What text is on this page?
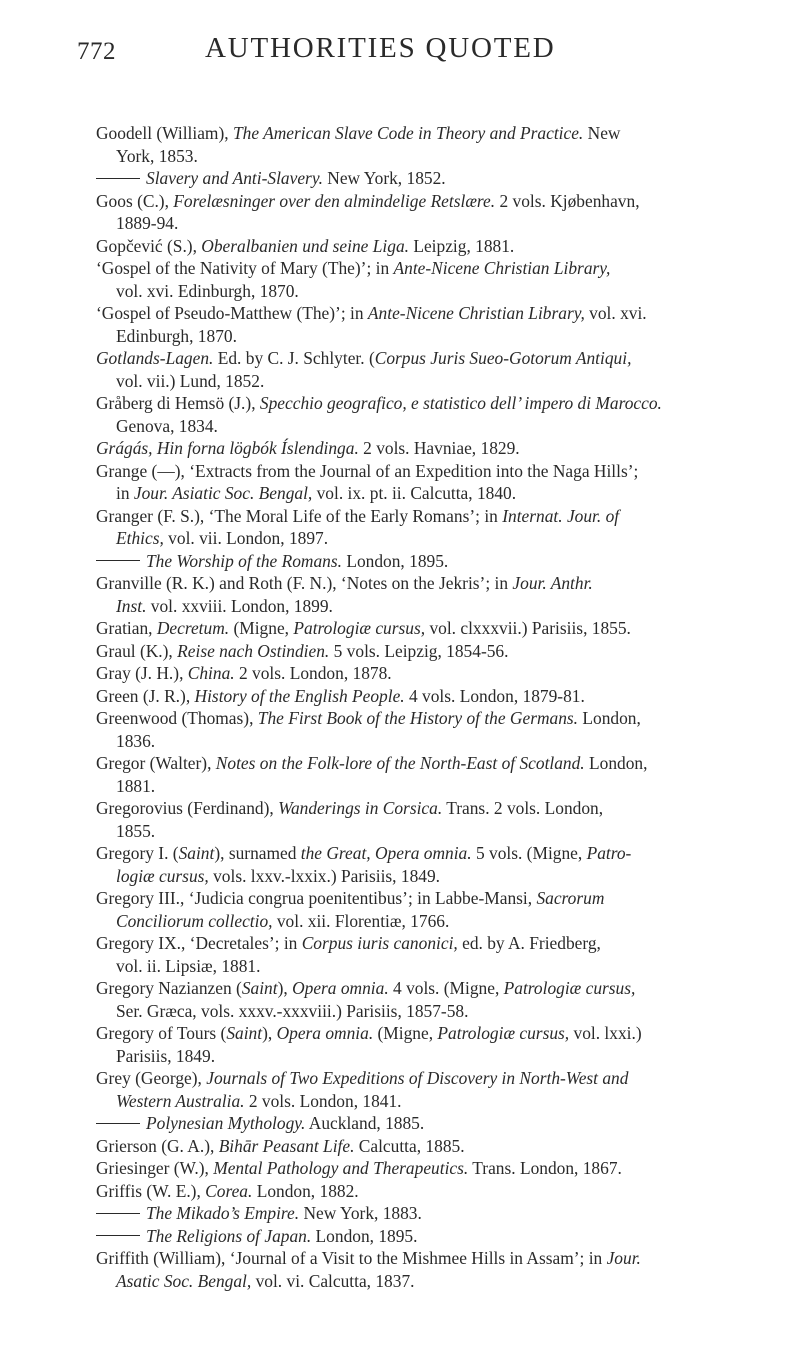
772	AUTHORITIES QUOTED

Goodell (William), The American Slave Code in Theory and Practice. New
York, 1853.

Slavery and Anti-Slavery. New York, 1852.

Goos (C.), Forelæsninger over den almindelige Retslære. 2 vols. Kjøbenhavn,
1889-94.

Gopčević (S.), Oberalbanien und seine Liga. Leipzig, 1881.

‘Gospel of the Nativity of Mary (The)’; in Ante-Nicene Christian Library,
vol. xvi. Edinburgh, 1870.

‘Gospel of Pseudo-Matthew (The)’; in Ante-Nicene Christian Library, vol. xvi.
Edinburgh, 1870.

Gotlands-Lagen. Ed. by C. J. Schlyter. (Corpus Juris Sueo-Gotorum Antiqui,
vol. vii.) Lund, 1852.

Gråberg di Hemsö (J.), Specchio geografico, e statistico dell’ impero di Marocco.
Genova, 1834.

Grágás, Hin forna lögbók Íslendinga. 2 vols. Havniae, 1829.

Grange (—), ‘Extracts from the Journal of an Expedition into the Naga Hills’;
in Jour. Asiatic Soc. Bengal, vol. ix. pt. ii. Calcutta, 1840.

Granger (F. S.), ‘The Moral Life of the Early Romans’; in Internat. Jour. of
Ethics, vol. vii. London, 1897.

The Worship of the Romans. London, 1895.

Granville (R. K.) and Roth (F. N.), ‘Notes on the Jekris’; in Jour. Anthr.
Inst. vol. xxviii. London, 1899.

Gratian, Decretum. (Migne, Patrologiæ cursus, vol. clxxxvii.) Parisiis, 1855.

Graul (K.), Reise nach Ostindien. 5 vols. Leipzig, 1854-56.

Gray (J. H.), China. 2 vols. London, 1878.

Green (J. R.), History of the English People. 4 vols. London, 1879-81.

Greenwood (Thomas), The First Book of the History of the Germans. London,
1836.

Gregor (Walter), Notes on the Folk-lore of the North-East of Scotland. London,
1881.

Gregorovius (Ferdinand), Wanderings in Corsica. Trans. 2 vols. London,
1855.

Gregory I. (Saint), surnamed the Great, Opera omnia. 5 vols. (Migne, Patro-
logiæ cursus, vols. lxxv.-lxxix.) Parisiis, 1849.

Gregory III., ‘Judicia congrua poenitentibus’; in Labbe-Mansi, Sacrorum
Conciliorum collectio, vol. xii. Florentiæ, 1766.

Gregory IX., ‘Decretales’; in Corpus iuris canonici, ed. by A. Friedberg,
vol. ii. Lipsiæ, 1881.

Gregory Nazianzen (Saint), Opera omnia. 4 vols. (Migne, Patrologiæ cursus,
Ser. Græca, vols. xxxv.-xxxviii.) Parisiis, 1857-58.

Gregory of Tours (Saint), Opera omnia. (Migne, Patrologiæ cursus, vol. lxxi.)
Parisiis, 1849.

Grey (George), Journals of Two Expeditions of Discovery in North-West and
Western Australia. 2 vols. London, 1841.

Polynesian Mythology. Auckland, 1885.

Grierson (G. A.), Bihār Peasant Life. Calcutta, 1885.

Griesinger (W.), Mental Pathology and Therapeutics. Trans. London, 1867.

Griffis (W. E.), Corea. London, 1882.

The Mikado’s Empire. New York, 1883.

The Religions of Japan. London, 1895.

Griffith (William), ‘Journal of a Visit to the Mishmee Hills in Assam’; in Jour.
Asatic Soc. Bengal, vol. vi. Calcutta, 1837.
